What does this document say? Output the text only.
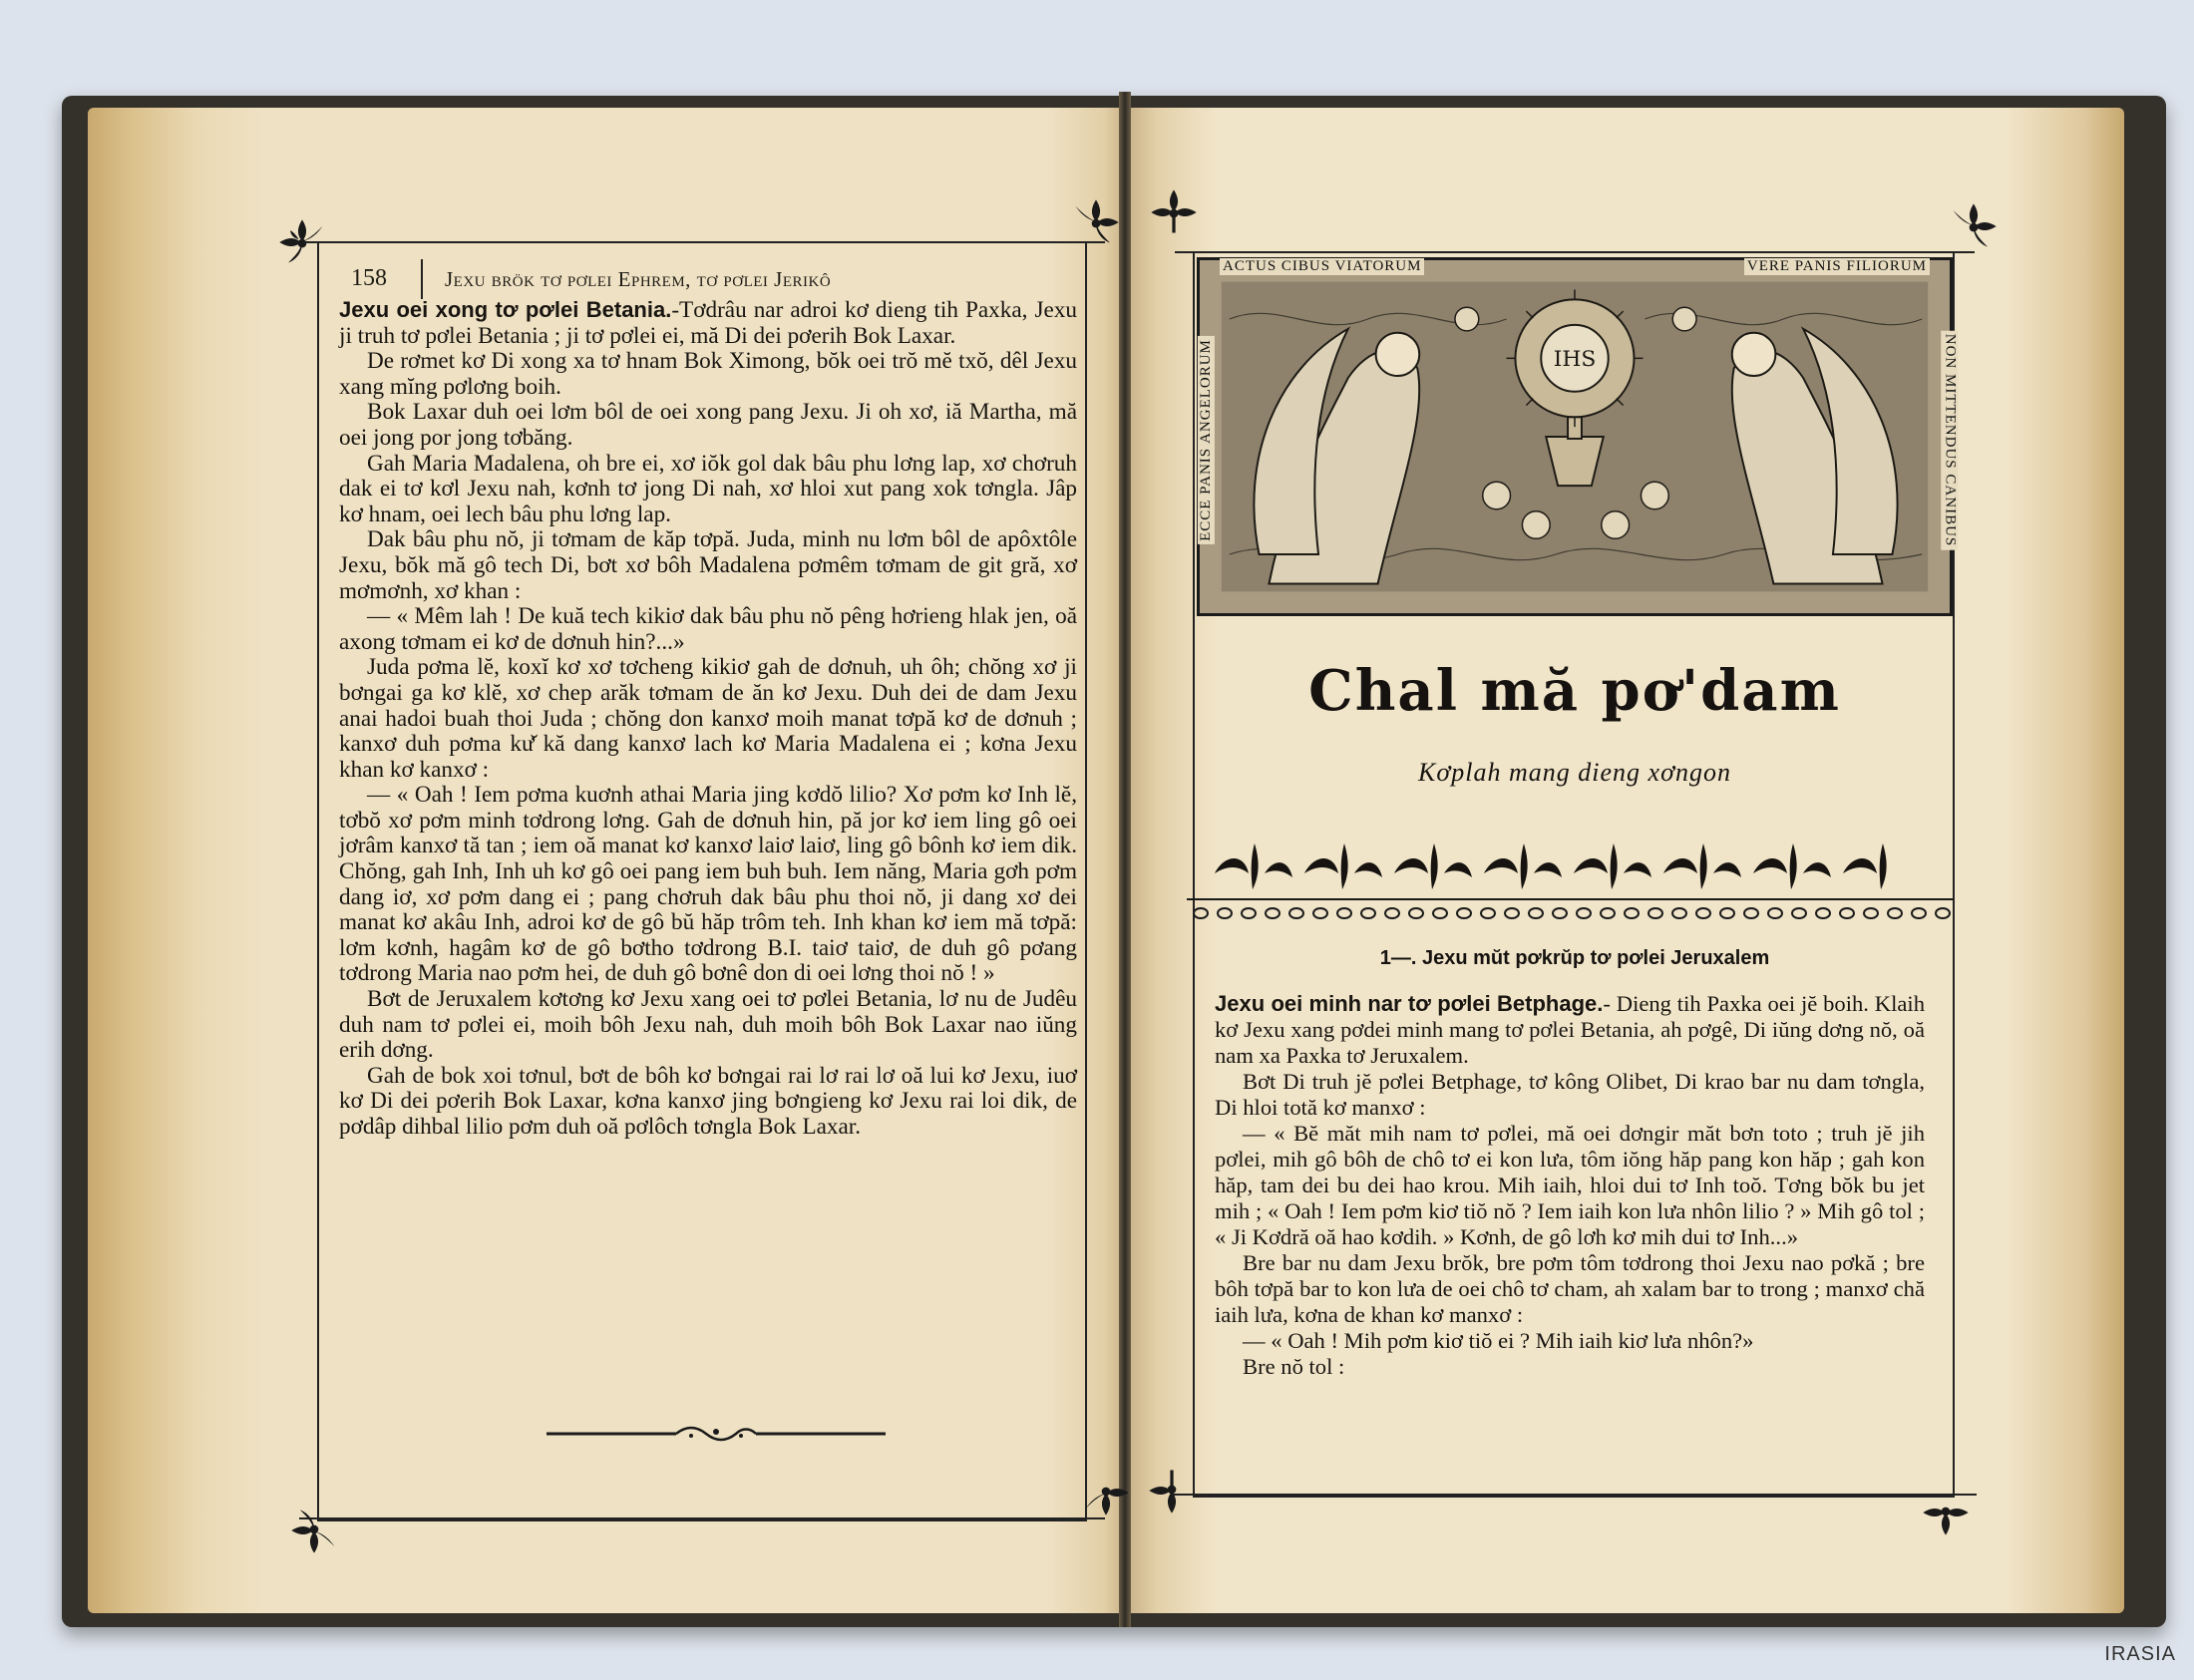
158	Jexu brök tơ pơlei Ephrem, tơ pơlei Jerikô

Jexu oei xong tơ pơlei Betania.-Tơdrâu nar adroi kơ dieng tih Paxka, Jexu ji truh tơ pơlei Betania ; ji tơ pơlei ei, mă Di dei pơerih Bok Laxar.

De rơmet kơ Di xong xa tơ hnam Bok Ximong, bŏk oei trŏ mĕ txŏ, dêl Jexu xang mĭng pơlơng boih.

Bok Laxar duh oei lơm bôl de oei xong pang Jexu. Ji oh xơ, iă Martha, mă oei jong por jong tơbăng.

Gah Maria Madalena, oh bre ei, xơ iŏk gol dak bâu phu lơng lap, xơ chơruh dak ei tơ kơl Jexu nah, kơnh tơ jong Di nah, xơ hloi xut pang xok tơngla. Jâp kơ hnam, oei lech bâu phu lơng lap.

Dak bâu phu nŏ, ji tơmam de kăp tơpă. Juda, minh nu lơm bôl de apôxtôle Jexu, bŏk mă gô tech Di, bơt xơ bôh Madalena pơmêm tơmam de git gră, xơ mơmơnh, xơ khan :

— « Mêm lah ! De kuă tech kikiơ dak bâu phu nŏ pêng hơrieng hlak jen, oă axong tơmam ei kơ de dơnuh hin?...»

Juda pơma lĕ, koxĭ kơ xơ tơcheng kikiơ gah de dơnuh, uh ôh; chŏng xơ ji bơngai ga kơ klĕ, xơ chep arăk tơmam de ăn kơ Jexu. Duh dei de dam Jexu anai hadoi buah thoi Juda ; chŏng don kanxơ moih manat tơpă kơ de dơnuh ; kanxơ duh pơma kư̆ kă dang kanxơ lach kơ Maria Madalena ei ; kơna Jexu khan kơ kanxơ :

— « Oah ! Iem pơma kuơnh athai Maria jing kơdŏ lilio? Xơ pơm kơ Inh lĕ, tơbŏ xơ pơm minh tơdrong lơng. Gah de dơnuh hin, pă jor kơ iem ling gô oei jơrâm kanxơ tă tan ; iem oă manat kơ kanxơ laiơ laiơ, ling gô bônh kơ iem dik. Chŏng, gah Inh, Inh uh kơ gô oei pang iem buh buh. Iem năng, Maria gơh pơm dang iơ, xơ pơm dang ei ; pang chơruh dak bâu phu thoi nŏ, ji dang xơ dei manat kơ akâu Inh, adroi kơ de gô bŭ hăp trôm teh. Inh khan kơ iem mă tơpă: lơm kơnh, hagâm kơ de gô bơtho tơdrong B.I. taiơ taiơ, de duh gô pơang tơdrong Maria nao pơm hei, de duh gô bơnê don di oei lơng thoi nŏ ! »

Bơt de Jeruxalem kơtơng kơ Jexu xang oei tơ pơlei Betania, lơ nu de Judêu duh nam tơ pơlei ei, moih bôh Jexu nah, duh moih bôh Bok Laxar nao iŭng erih dơng.

Gah de bok xoi tơnul, bơt de bôh kơ bơngai rai lơ rai lơ oă lui kơ Jexu, iuơ kơ Di dei pơerih Bok Laxar, kơna kanxơ jing bơngieng kơ Jexu rai loi dik, de pơdâp dihbal lilio pơm duh oă pơlôch tơngla Bok Laxar.

IHS
ACTUS CIBUS VIATORUM	VERE PANIS FILIORUM
ECCE PANIS ANGELORUM	NON MITTENDUS CANIBUS
Chal mă pơ'dam
Kơplah mang dieng xơngon
1—. Jexu mŭt pơkrŭp tơ pơlei Jeruxalem

Jexu oei minh nar tơ pơlei Betphage.- Dieng tih Paxka oei jĕ boih. Klaih kơ Jexu xang pơdei minh mang tơ pơlei Betania, ah pơgê, Di iŭng dơng nŏ, oă nam xa Paxka tơ Jeruxalem.

Bơt Di truh jĕ pơlei Betphage, tơ kông Olibet, Di krao bar nu dam tơngla, Di hloi totă kơ manxơ :

— « Bĕ măt mih nam tơ pơlei, mă oei dơngir măt bơn toto ; truh jĕ jih pơlei, mih gô bôh de chô tơ ei kon lưa, tôm iŏng hăp pang kon hăp ; gah kon hăp, tam dei bu dei hao krou. Mih iaih, hloi dui tơ Inh toŏ. Tơng bŏk bu jet mih ; « Oah ! Iem pơm kiơ tiŏ nŏ ? Iem iaih kon lưa nhôn lilio ? » Mih gô tol ; « Ji Kơdră oă hao kơdih. » Kơnh, de gô lơh kơ mih dui tơ Inh...»

Bre bar nu dam Jexu brŏk, bre pơm tôm tơdrong thoi Jexu nao pơkă ; bre bôh tơpă bar to kon lưa de oei chô tơ cham, ah xalam bar to trong ; manxơ chă iaih lưa, kơna de khan kơ manxơ :

— « Oah ! Mih pơm kiơ tiŏ ei ? Mih iaih kiơ lưa nhôn?»

Bre nŏ tol :

IRASIA
